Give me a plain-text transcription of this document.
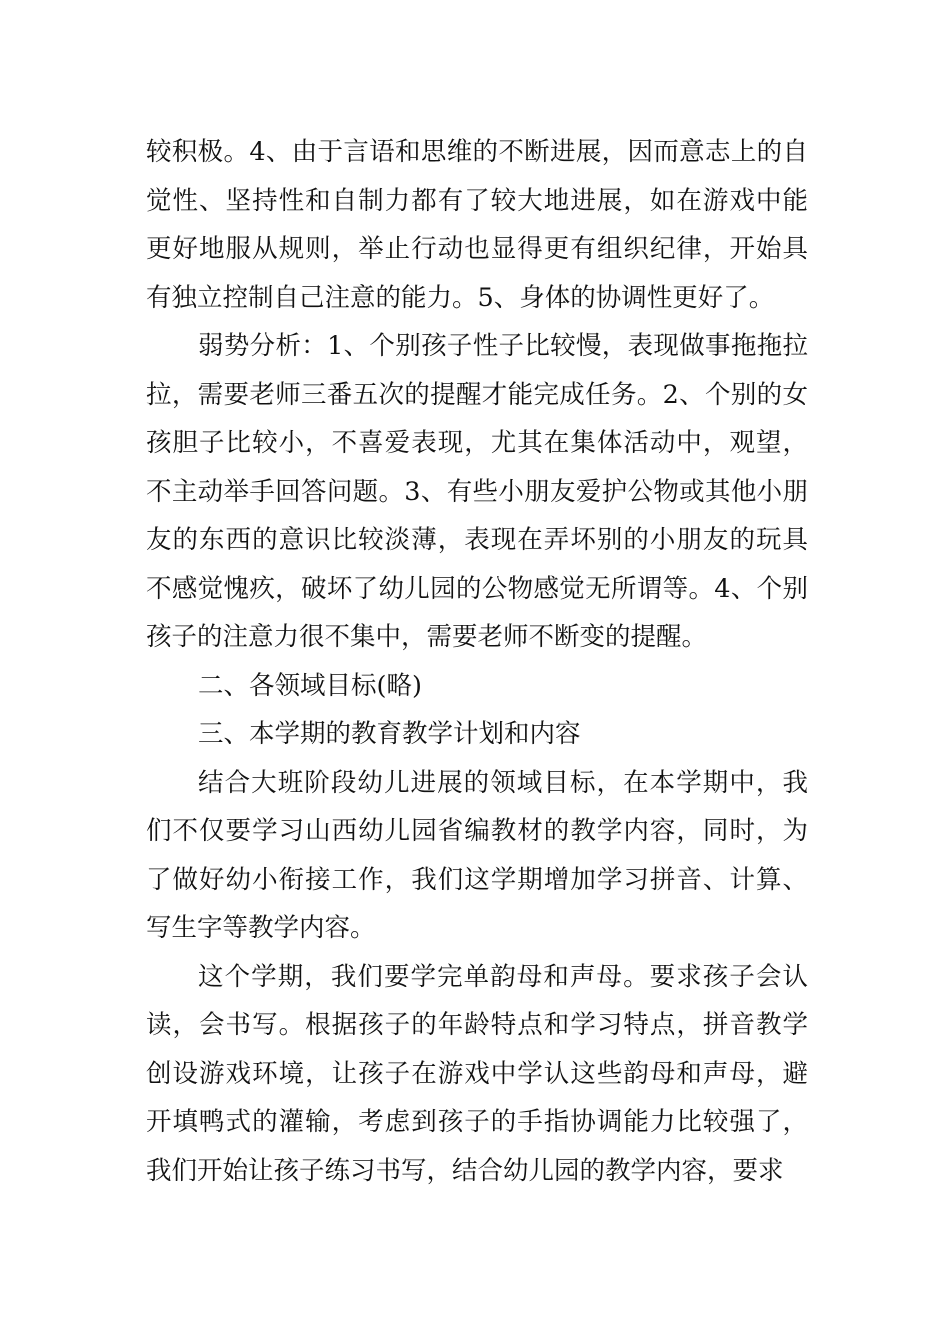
较积极。4、由于言语和思维的不断进展，因而意志上的自觉性、坚持性和自制力都有了较大地进展，如在游戏中能更好地服从规则，举止行动也显得更有组织纪律，开始具有独立控制自己注意的能力。5、身体的协调性更好了。

弱势分析：1、个别孩子性子比较慢，表现做事拖拖拉拉，需要老师三番五次的提醒才能完成任务。2、个别的女孩胆子比较小，不喜爱表现，尤其在集体活动中，观望，不主动举手回答问题。3、有些小朋友爱护公物或其他小朋友的东西的意识比较淡薄，表现在弄坏别的小朋友的玩具不感觉愧疚，破坏了幼儿园的公物感觉无所谓等。4、个别孩子的注意力很不集中，需要老师不断变的提醒。

二、各领域目标(略)

三、本学期的教育教学计划和内容

结合大班阶段幼儿进展的领域目标，在本学期中，我们不仅要学习山西幼儿园省编教材的教学内容，同时，为了做好幼小衔接工作，我们这学期增加学习拼音、计算、写生字等教学内容。

这个学期，我们要学完单韵母和声母。要求孩子会认读，会书写。根据孩子的年龄特点和学习特点，拼音教学创设游戏环境，让孩子在游戏中学认这些韵母和声母，避开填鸭式的灌输，考虑到孩子的手指协调能力比较强了，我们开始让孩子练习书写，结合幼儿园的教学内容，要求
